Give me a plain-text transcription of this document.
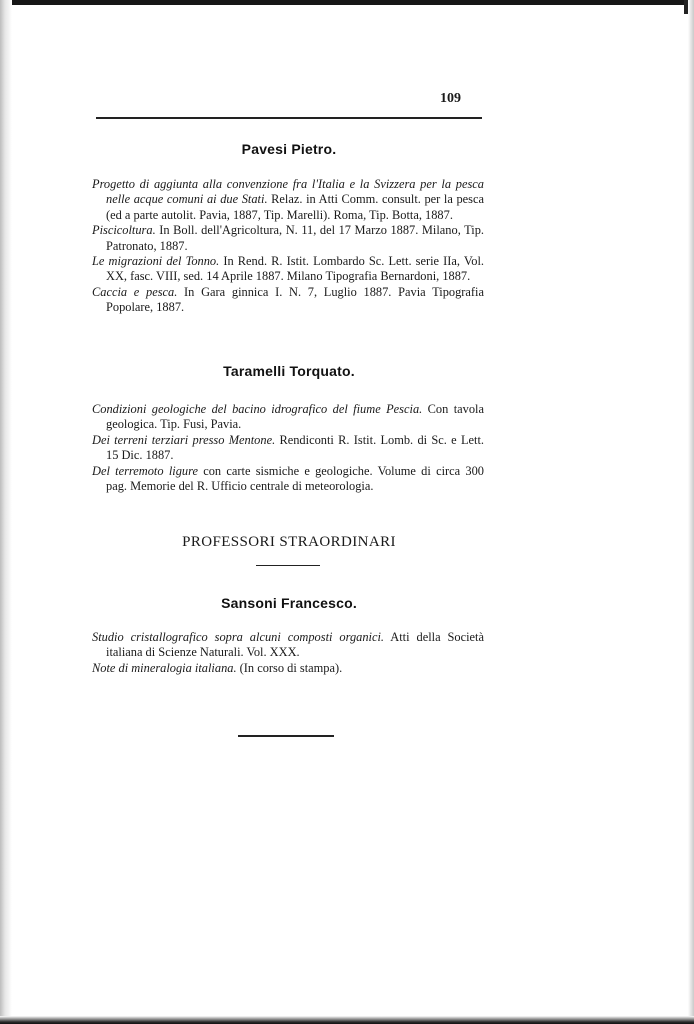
109
Pavesi Pietro.

Progetto di aggiunta alla convenzione fra l'Italia e la Svizzera per la pesca nelle acque comuni ai due Stati. Relaz. in Atti Comm. consult. per la pesca (ed a parte autolit. Pavia, 1887, Tip. Marelli). Roma, Tip. Botta, 1887.

Piscicoltura. In Boll. dell'Agricoltura, N. 11, del 17 Marzo 1887. Milano, Tip. Patronato, 1887.

Le migrazioni del Tonno. In Rend. R. Istit. Lombardo Sc. Lett. serie IIa, Vol. XX, fasc. VIII, sed. 14 Aprile 1887. Milano Tipografia Bernardoni, 1887.

Caccia e pesca. In Gara ginnica I. N. 7, Luglio 1887. Pavia Tipografia Popolare, 1887.

Taramelli Torquato.

Condizioni geologiche del bacino idrografico del fiume Pescia. Con tavola geologica. Tip. Fusi, Pavia.

Dei terreni terziari presso Mentone. Rendiconti R. Istit. Lomb. di Sc. e Lett. 15 Dic. 1887.

Del terremoto ligure con carte sismiche e geologiche. Volume di circa 300 pag. Memorie del R. Ufficio centrale di meteorologia.

PROFESSORI STRAORDINARI
Sansoni Francesco.

Studio cristallografico sopra alcuni composti organici. Atti della Società italiana di Scienze Naturali. Vol. XXX.

Note di mineralogia italiana. (In corso di stampa).
